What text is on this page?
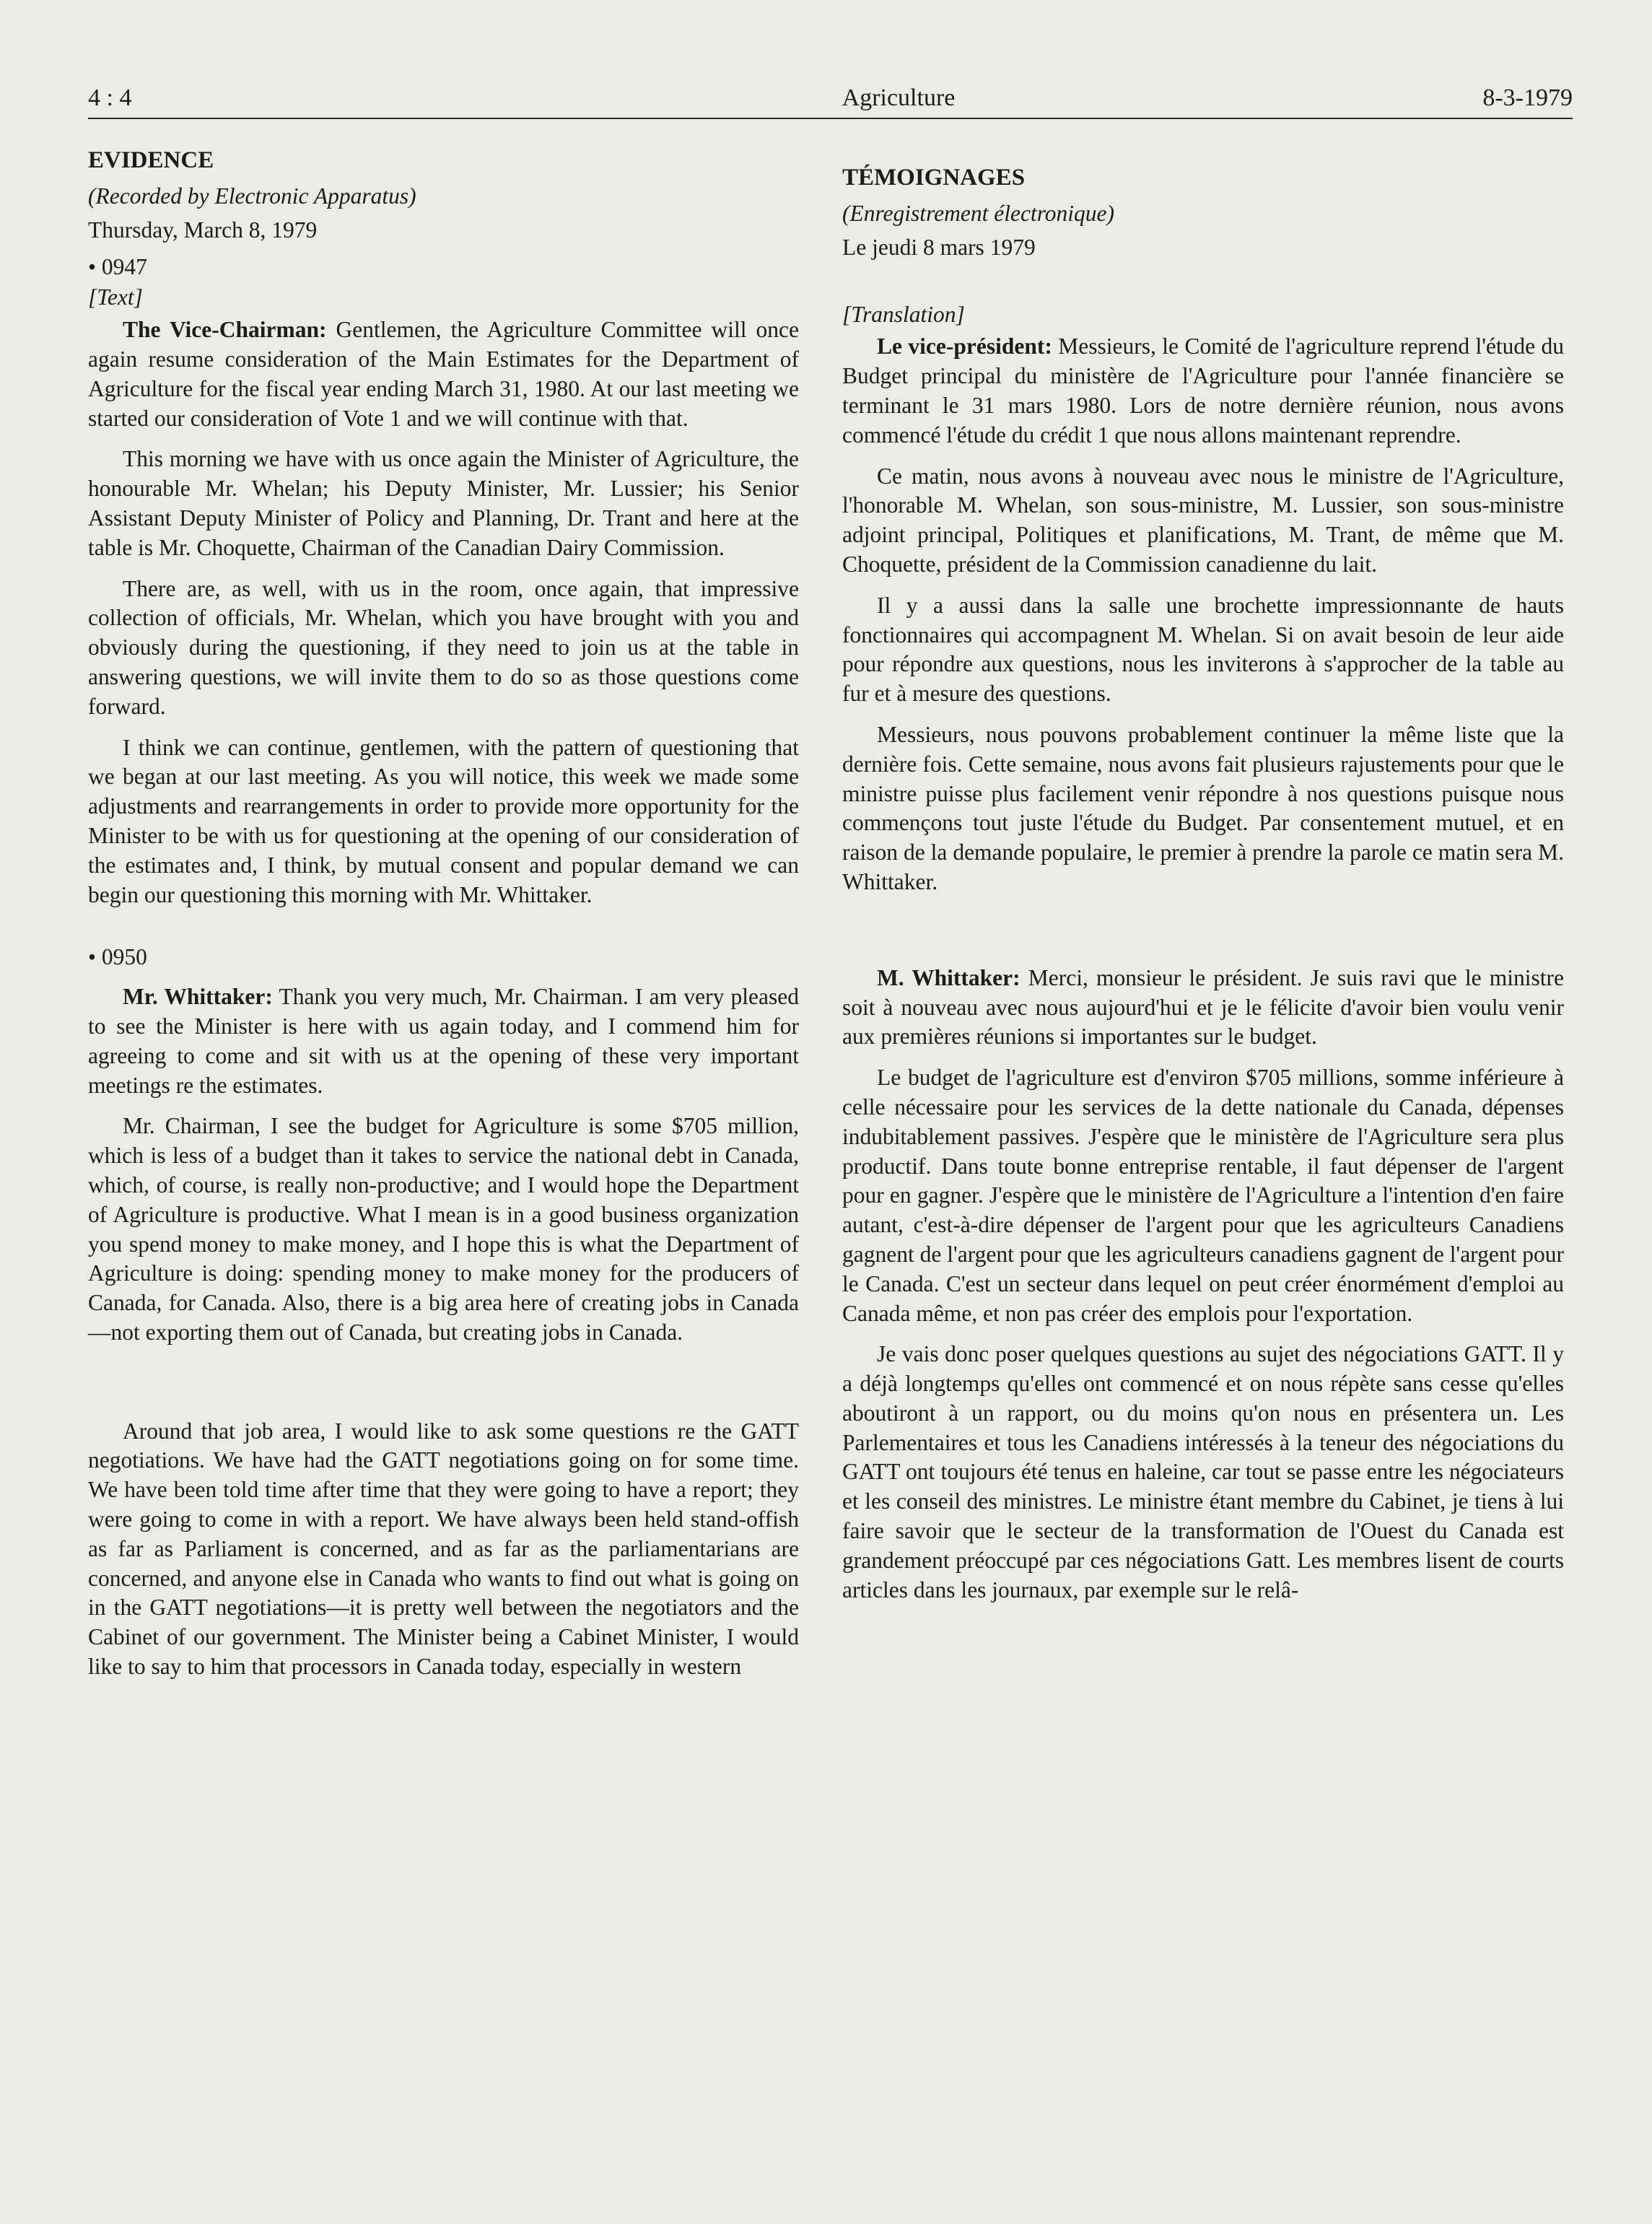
4 : 4	Agriculture	8-3-1979

EVIDENCE

(Recorded by Electronic Apparatus)

Thursday, March 8, 1979

• 0947

[Text]

The Vice-Chairman: Gentlemen, the Agriculture Committee will once again resume consideration of the Main Estimates for the Department of Agriculture for the fiscal year ending March 31, 1980. At our last meeting we started our consideration of Vote 1 and we will continue with that.

This morning we have with us once again the Minister of Agriculture, the honourable Mr. Whelan; his Deputy Minister, Mr. Lussier; his Senior Assistant Deputy Minister of Policy and Planning, Dr. Trant and here at the table is Mr. Choquette, Chairman of the Canadian Dairy Commission.

There are, as well, with us in the room, once again, that impressive collection of officials, Mr. Whelan, which you have brought with you and obviously during the questioning, if they need to join us at the table in answering questions, we will invite them to do so as those questions come forward.

I think we can continue, gentlemen, with the pattern of questioning that we began at our last meeting. As you will notice, this week we made some adjustments and rearrangements in order to provide more opportunity for the Minister to be with us for questioning at the opening of our consideration of the estimates and, I think, by mutual consent and popular demand we can begin our questioning this morning with Mr. Whittaker.

• 0950

Mr. Whittaker: Thank you very much, Mr. Chairman. I am very pleased to see the Minister is here with us again today, and I commend him for agreeing to come and sit with us at the opening of these very important meetings re the estimates.

Mr. Chairman, I see the budget for Agriculture is some $705 million, which is less of a budget than it takes to service the national debt in Canada, which, of course, is really non-productive; and I would hope the Department of Agriculture is productive. What I mean is in a good business organization you spend money to make money, and I hope this is what the Department of Agriculture is doing: spending money to make money for the producers of Canada, for Canada. Also, there is a big area here of creating jobs in Canada—not exporting them out of Canada, but creating jobs in Canada.

Around that job area, I would like to ask some questions re the GATT negotiations. We have had the GATT negotiations going on for some time. We have been told time after time that they were going to have a report; they were going to come in with a report. We have always been held stand-offish as far as Parliament is concerned, and as far as the parliamentarians are concerned, and anyone else in Canada who wants to find out what is going on in the GATT negotiations—it is pretty well between the negotiators and the Cabinet of our government. The Minister being a Cabinet Minister, I would like to say to him that processors in Canada today, especially in western

TÉMOIGNAGES

(Enregistrement électronique)

Le jeudi 8 mars 1979

[Translation]

Le vice-président: Messieurs, le Comité de l'agriculture reprend l'étude du Budget principal du ministère de l'Agriculture pour l'année financière se terminant le 31 mars 1980. Lors de notre dernière réunion, nous avons commencé l'étude du crédit 1 que nous allons maintenant reprendre.

Ce matin, nous avons à nouveau avec nous le ministre de l'Agriculture, l'honorable M. Whelan, son sous-ministre, M. Lussier, son sous-ministre adjoint principal, Politiques et planifications, M. Trant, de même que M. Choquette, président de la Commission canadienne du lait.

Il y a aussi dans la salle une brochette impressionnante de hauts fonctionnaires qui accompagnent M. Whelan. Si on avait besoin de leur aide pour répondre aux questions, nous les inviterons à s'approcher de la table au fur et à mesure des questions.

Messieurs, nous pouvons probablement continuer la même liste que la dernière fois. Cette semaine, nous avons fait plusieurs rajustements pour que le ministre puisse plus facilement venir répondre à nos questions puisque nous commençons tout juste l'étude du Budget. Par consentement mutuel, et en raison de la demande populaire, le premier à prendre la parole ce matin sera M. Whittaker.

M. Whittaker: Merci, monsieur le président. Je suis ravi que le ministre soit à nouveau avec nous aujourd'hui et je le félicite d'avoir bien voulu venir aux premières réunions si importantes sur le budget.

Le budget de l'agriculture est d'environ $705 millions, somme inférieure à celle nécessaire pour les services de la dette nationale du Canada, dépenses indubitablement passives. J'espère que le ministère de l'Agriculture sera plus productif. Dans toute bonne entreprise rentable, il faut dépenser de l'argent pour en gagner. J'espère que le ministère de l'Agriculture a l'intention d'en faire autant, c'est-à-dire dépenser de l'argent pour que les agriculteurs Canadiens gagnent de l'argent pour que les agriculteurs canadiens gagnent de l'argent pour le Canada. C'est un secteur dans lequel on peut créer énormément d'emploi au Canada même, et non pas créer des emplois pour l'exportation.

Je vais donc poser quelques questions au sujet des négociations GATT. Il y a déjà longtemps qu'elles ont commencé et on nous répète sans cesse qu'elles aboutiront à un rapport, ou du moins qu'on nous en présentera un. Les Parlementaires et tous les Canadiens intéressés à la teneur des négociations du GATT ont toujours été tenus en haleine, car tout se passe entre les négociateurs et les conseil des ministres. Le ministre étant membre du Cabinet, je tiens à lui faire savoir que le secteur de la transformation de l'Ouest du Canada est grandement préoccupé par ces négociations Gatt. Les membres lisent de courts articles dans les journaux, par exemple sur le relâ-
